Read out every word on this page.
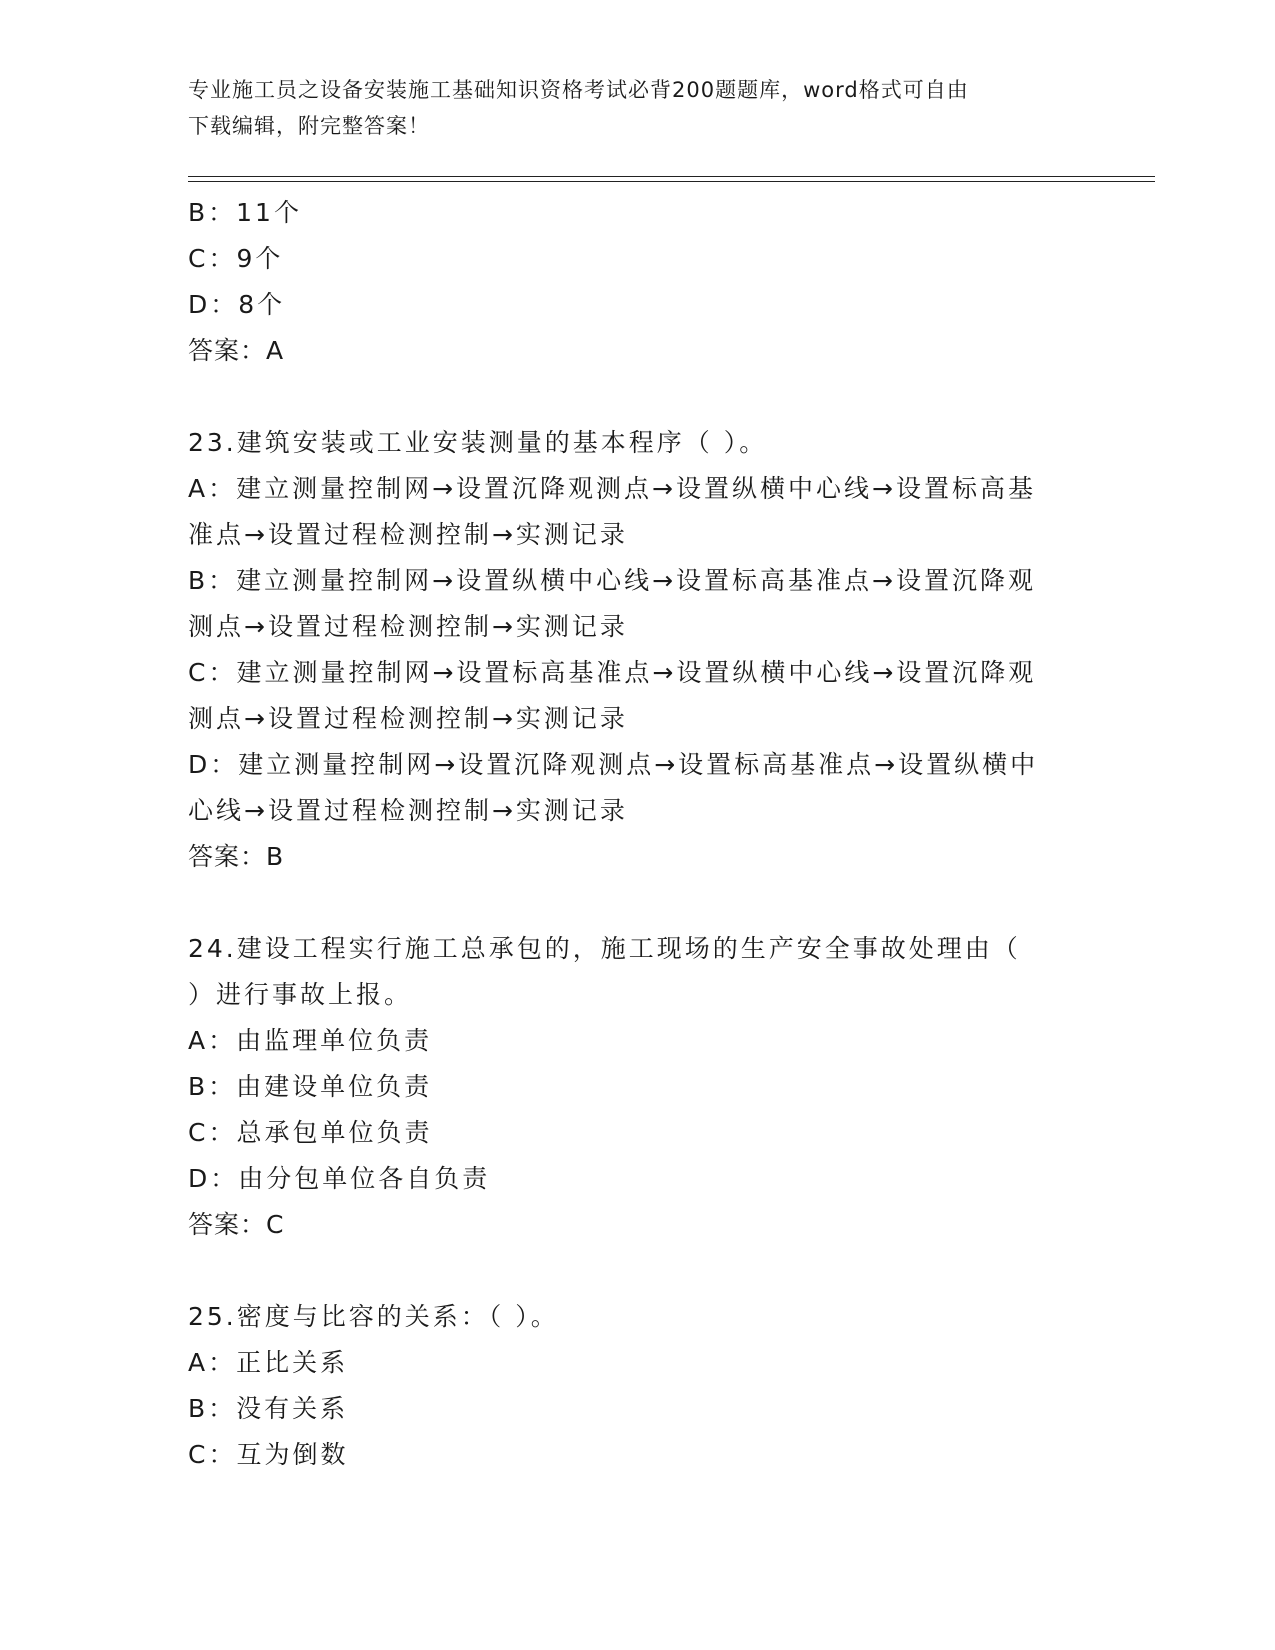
专业施工员之设备安装施工基础知识资格考试必背200题题库，word格式可自由
下载编辑，附完整答案！
B：11个
C：9个
D：8个
答案：A
23.建筑安装或工业安装测量的基本程序（ ）。
A：建立测量控制网→设置沉降观测点→设置纵横中心线→设置标高基
准点→设置过程检测控制→实测记录
B：建立测量控制网→设置纵横中心线→设置标高基准点→设置沉降观
测点→设置过程检测控制→实测记录
C：建立测量控制网→设置标高基准点→设置纵横中心线→设置沉降观
测点→设置过程检测控制→实测记录
D：建立测量控制网→设置沉降观测点→设置标高基准点→设置纵横中
心线→设置过程检测控制→实测记录
答案：B
24.建设工程实行施工总承包的，施工现场的生产安全事故处理由（
）进行事故上报。
A：由监理单位负责
B：由建设单位负责
C：总承包单位负责
D：由分包单位各自负责
答案：C
25.密度与比容的关系：（ ）。
A：正比关系
B：没有关系
C：互为倒数
